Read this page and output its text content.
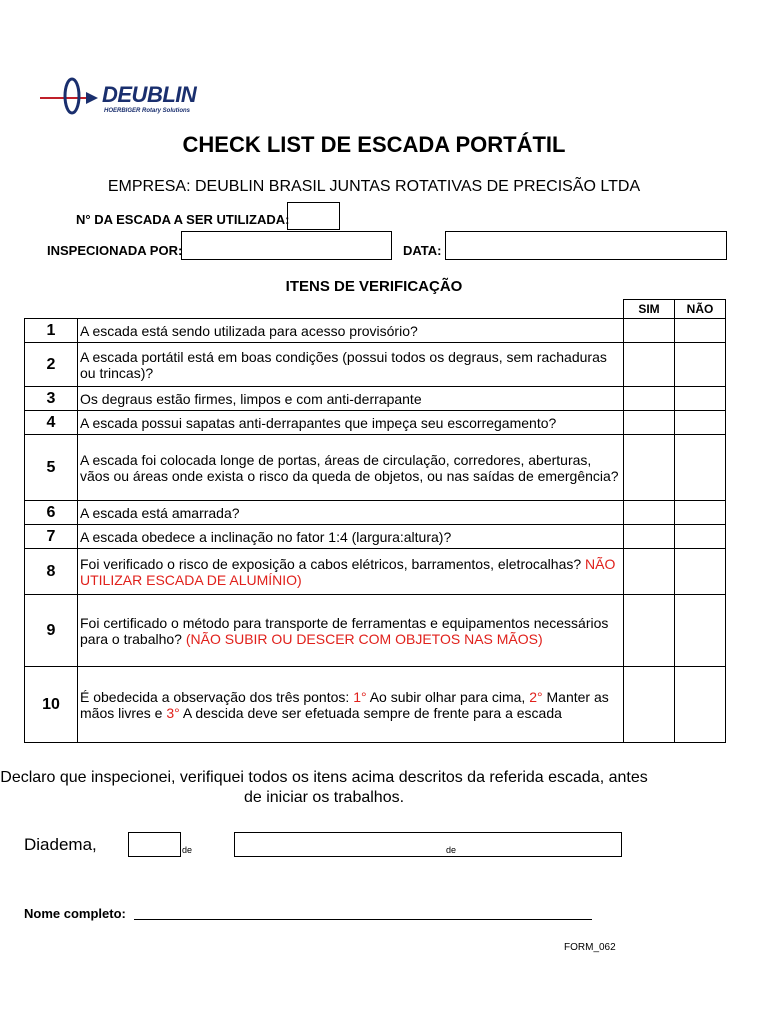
DEUBLIN
HOERBIGER Rotary Solutions
CHECK LIST DE ESCADA PORTÁTIL
EMPRESA: DEUBLIN BRASIL JUNTAS ROTATIVAS DE PRECISÃO LTDA
N° DA ESCADA A SER UTILIZADA:
INSPECIONADA POR:	DATA:
ITENS DE VERIFICAÇÃO
		SIM	NÃO
1	A escada está sendo utilizada para acesso provisório?		
2	A escada portátil está em boas condições (possui todos os degraus, sem rachaduras ou trincas)?		
3	Os degraus estão firmes, limpos e com anti-derrapante		
4	A escada possui sapatas anti-derrapantes que impeça seu escorregamento?		
5	A escada foi colocada longe de portas, áreas de circulação, corredores, aberturas, vãos ou áreas onde exista o risco da queda de objetos, ou nas saídas de emergência?		
6	A escada está amarrada?		
7	A escada obedece a inclinação no fator 1:4 (largura:altura)?		
8	Foi verificado o risco de exposição a cabos elétricos, barramentos, eletrocalhas? NÃO UTILIZAR ESCADA DE ALUMÍNIO)		
9	Foi certificado o método para transporte de ferramentas e equipamentos necessários para o trabalho? (NÃO SUBIR OU DESCER COM OBJETOS NAS MÃOS)		
10	É obedecida a observação dos três pontos: 1° Ao subir olhar para cima, 2° Manter as mãos livres e 3° A descida deve ser efetuada sempre de frente para a escada		
Declaro que inspecionei, verifiquei todos os itens acima descritos da referida escada, antes de iniciar os trabalhos.
Diadema,	de	de
Nome completo:
FORM_062
